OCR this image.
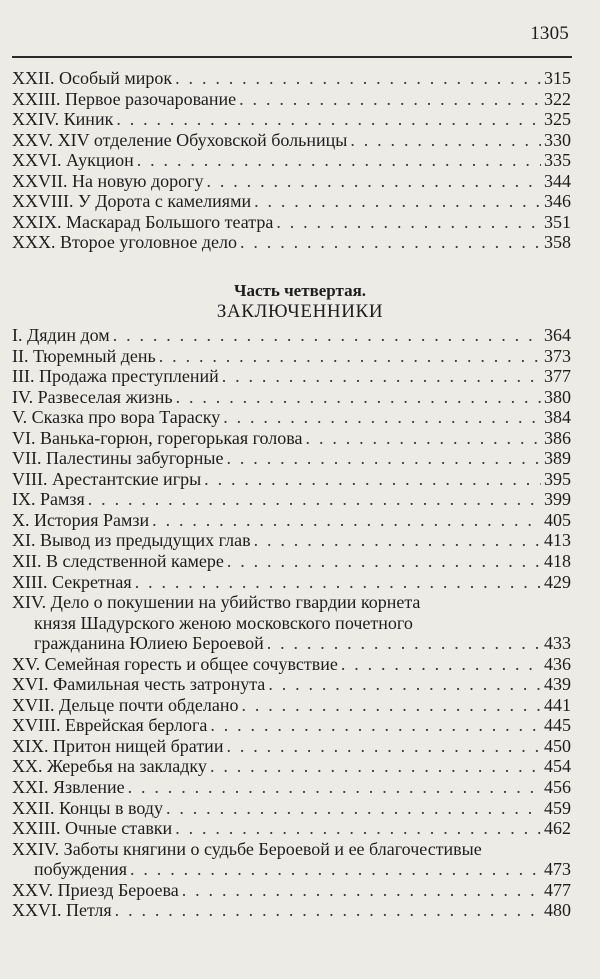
1305
XXII. Особый мирок . . .	315
XXIII. Первое разочарование . . .	322
XXIV. Киник . . .	325
XXV. XIV отделение Обуховской больницы . . .	330
XXVI. Аукцион . . .	335
XXVII. На новую дорогу . . .	344
XXVIII. У Дорота с камелиями . . .	346
XXIX. Маскарад Большого театра . . .	351
XXX. Второе уголовное дело . . .	358
Часть четвертая.
ЗАКЛЮЧЕННИКИ
I. Дядин дом . . .	364
II. Тюремный день . . .	373
III. Продажа преступлений . . .	377
IV. Развеселая жизнь . . .	380
V. Сказка про вора Тараску . . .	384
VI. Ванька-горюн, горегорькая голова . . .	386
VII. Палестины забугорные . . .	389
VIII. Арестантские игры . . .	395
IX. Рамзя . . .	399
X. История Рамзи . . .	405
XI. Вывод из предыдущих глав . . .	413
XII. В следственной камере . . .	418
XIII. Секретная . . .	429
XIV. Дело о покушении на убийство гвардии корнета
князя Шадурского женою московского почетного
гражданина Юлиею Бероевой . . .	433
XV. Семейная горесть и общее сочувствие . . .	436
XVI. Фамильная честь затронута . . .	439
XVII. Дельце почти обделано . . .	441
XVIII. Еврейская берлога . . .	445
XIX. Притон нищей братии . . .	450
XX. Жеребья на закладку . . .	454
XXI. Язвление . . .	456
XXII. Концы в воду . . .	459
XXIII. Очные ставки . . .	462
XXIV. Заботы княгини о судьбе Бероевой и ее благочестивые
побуждения . . .	473
XXV. Приезд Бероева . . .	477
XXVI. Петля . . .	480
